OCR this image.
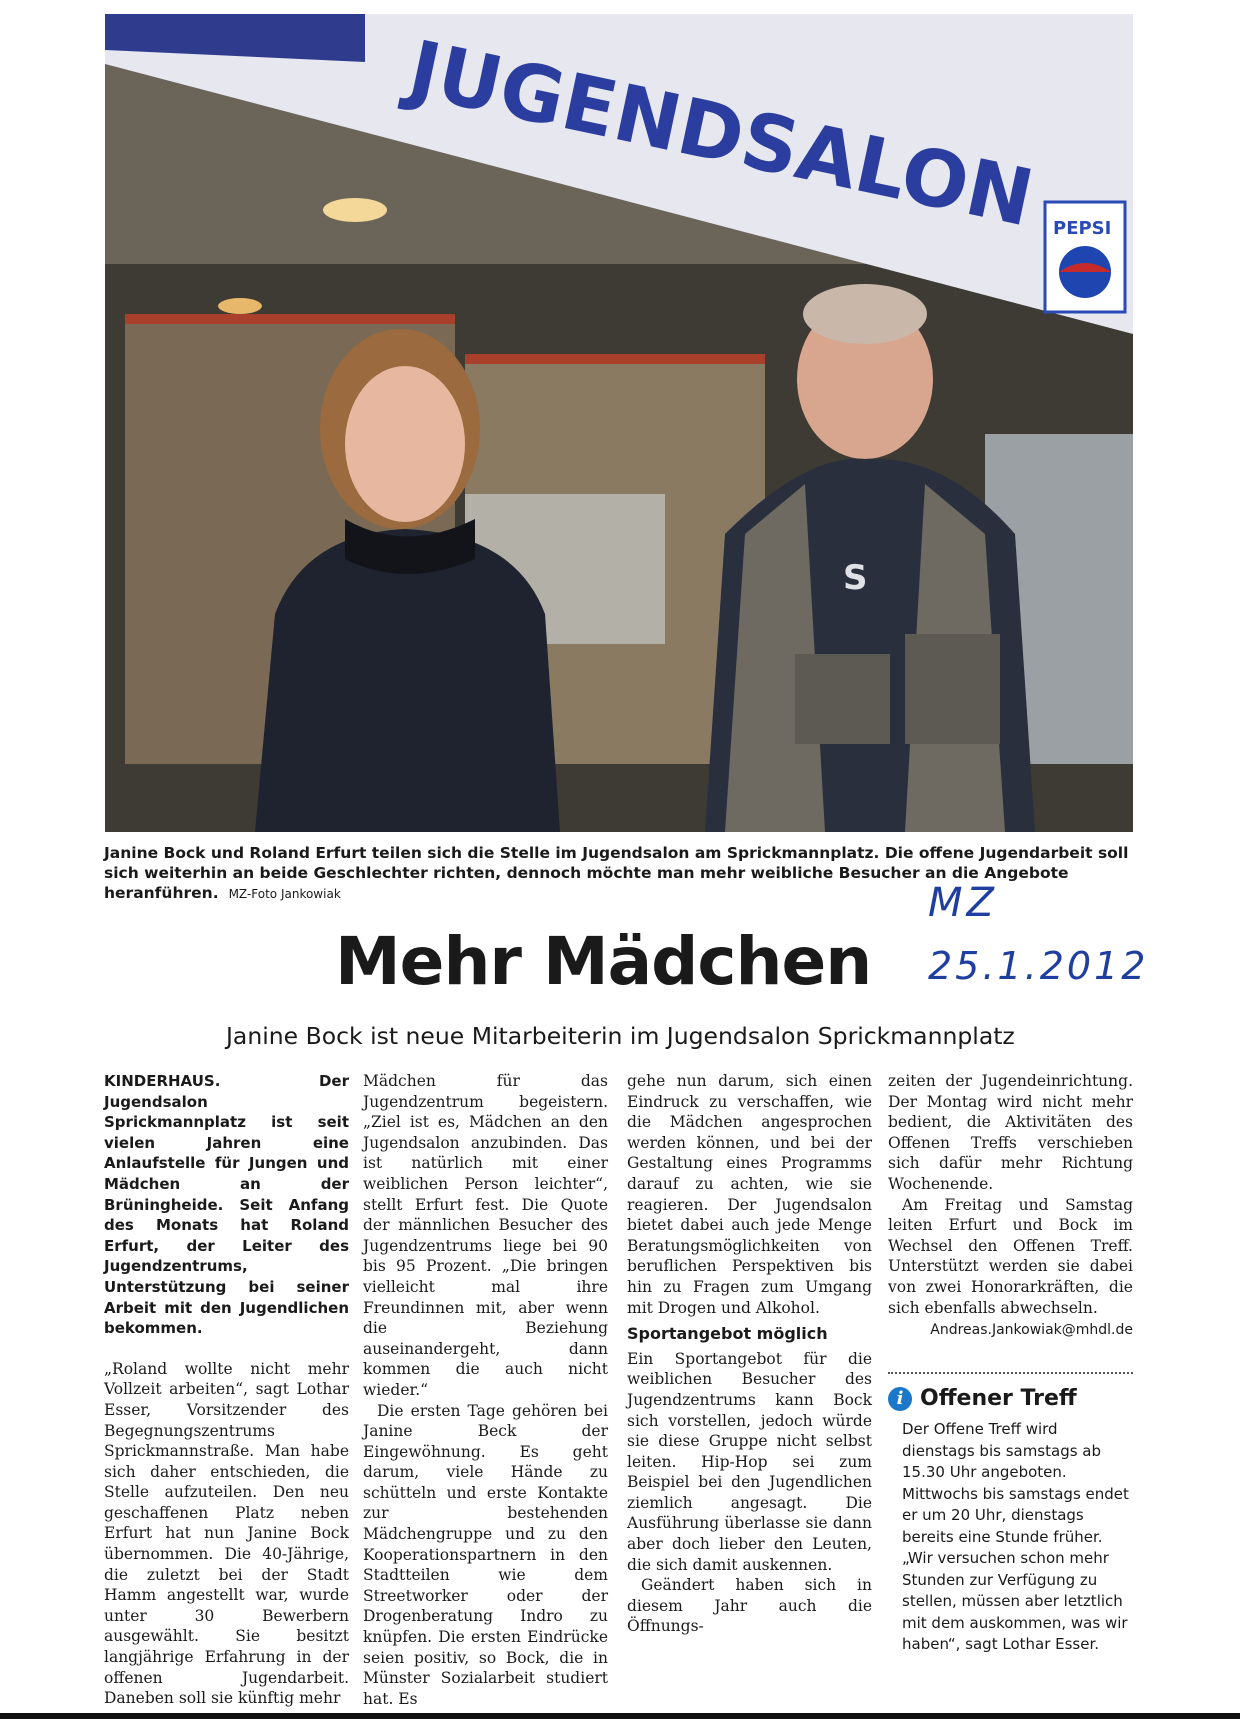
JUGENDSALON PEPSI
S
Janine Bock und Roland Erfurt teilen sich die Stelle im Jugendsalon am Sprickmannplatz. Die offene Jugendarbeit soll sich weiterhin an beide Geschlechter richten, dennoch möchte man mehr weibliche Besucher an die Angebote heranführen. MZ-Foto Jankowiak	MZ
25.1.2012
Mehr Mädchen
Janine Bock ist neue Mitarbeiterin im Jugendsalon Sprickmannplatz

KINDERHAUS. Der Jugendsalon Sprickmannplatz ist seit vielen Jahren eine Anlaufstelle für Jungen und Mädchen an der Brüningheide. Seit Anfang des Monats hat Roland Erfurt, der Leiter des Jugendzentrums, Unterstützung bei seiner Arbeit mit den Jugendlichen bekommen.

„Roland wollte nicht mehr Vollzeit arbeiten“, sagt Lothar Esser, Vorsitzender des Begegnungszentrums Sprickmannstraße. Man habe sich daher entschieden, die Stelle aufzuteilen. Den neu geschaffenen Platz neben Erfurt hat nun Janine Bock übernommen. Die 40-Jährige, die zuletzt bei der Stadt Hamm angestellt war, wurde unter 30 Bewerbern ausgewählt. Sie besitzt langjährige Erfahrung in der offenen Jugendarbeit. Daneben soll sie künftig mehr

Mädchen für das Jugendzentrum begeistern. „Ziel ist es, Mädchen an den Jugendsalon anzubinden. Das ist natürlich mit einer weiblichen Person leichter“, stellt Erfurt fest. Die Quote der männlichen Besucher des Jugendzentrums liege bei 90 bis 95 Prozent. „Die bringen vielleicht mal ihre Freundinnen mit, aber wenn die Beziehung auseinandergeht, dann kommen die auch nicht wieder.“

Die ersten Tage gehören bei Janine Beck der Eingewöhnung. Es geht darum, viele Hände zu schütteln und erste Kontakte zur bestehenden Mädchengruppe und zu den Kooperationspartnern in den Stadtteilen wie dem Streetworker oder der Drogenberatung Indro zu knüpfen. Die ersten Eindrücke seien positiv, so Bock, die in Münster Sozialarbeit studiert hat. Es

gehe nun darum, sich einen Eindruck zu verschaffen, wie die Mädchen angesprochen werden können, und bei der Gestaltung eines Programms darauf zu achten, wie sie reagieren. Der Jugendsalon bietet dabei auch jede Menge Beratungsmöglichkeiten von beruflichen Perspektiven bis hin zu Fragen zum Umgang mit Drogen und Alkohol.

Sportangebot möglich

Ein Sportangebot für die weiblichen Besucher des Jugendzentrums kann Bock sich vorstellen, jedoch würde sie diese Gruppe nicht selbst leiten. Hip-Hop sei zum Beispiel bei den Jugendlichen ziemlich angesagt. Die Ausführung überlasse sie dann aber doch lieber den Leuten, die sich damit auskennen.

Geändert haben sich in diesem Jahr auch die Öffnungs-

zeiten der Jugendeinrichtung. Der Montag wird nicht mehr bedient, die Aktivitäten des Offenen Treffs verschieben sich dafür mehr Richtung Wochenende.

Am Freitag und Samstag leiten Erfurt und Bock im Wechsel den Offenen Treff. Unterstützt werden sie dabei von zwei Honorarkräften, die sich ebenfalls abwechseln.

Andreas.Jankowiak@mhdl.de
i Offener Treff
Der Offene Treff wird dienstags bis samstags ab 15.30 Uhr angeboten. Mittwochs bis samstags endet er um 20 Uhr, dienstags bereits eine Stunde früher. „Wir versuchen schon mehr Stunden zur Verfügung zu stellen, müssen aber letztlich mit dem auskommen, was wir haben“, sagt Lothar Esser.
